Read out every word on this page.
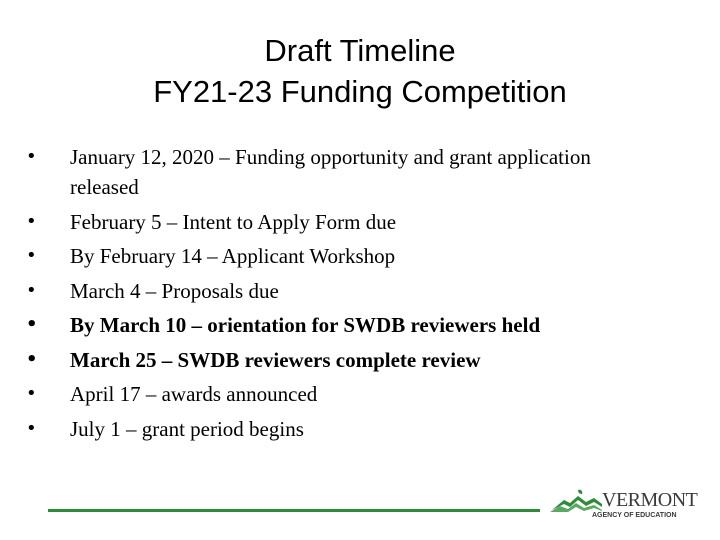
Draft Timeline
FY21-23 Funding Competition
•	January 12, 2020 – Funding opportunity and grant application released
•	February 5 – Intent to Apply Form due
•	By February 14 – Applicant Workshop
•	March 4 – Proposals due
•	By March 10 – orientation for SWDB reviewers held
•	March 25 – SWDB reviewers complete review
•	April 17 – awards announced
•	July 1 – grant period begins
VERMONT
AGENCY OF EDUCATION
